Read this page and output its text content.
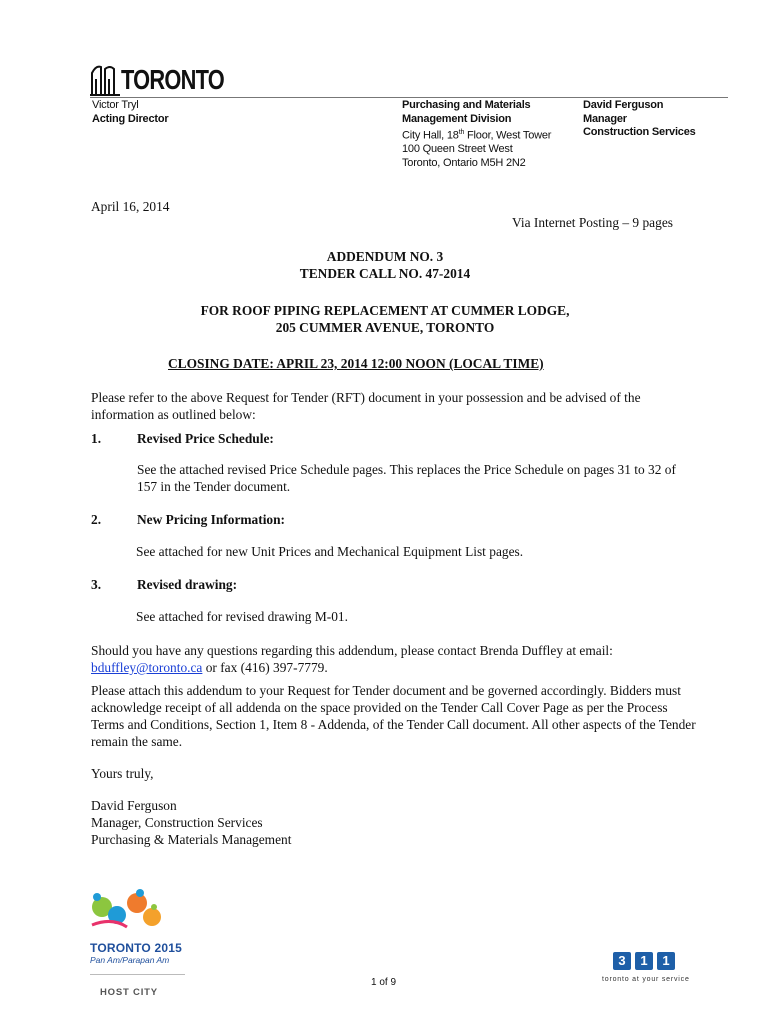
TORONTO
Victor Tryl
Acting Director
Purchasing and Materials
Management Division
City Hall, 18th Floor, West Tower
100 Queen Street West
Toronto, Ontario M5H 2N2
David Ferguson
Manager
Construction Services
April 16, 2014
Via Internet Posting – 9 pages
ADDENDUM NO. 3
TENDER CALL NO. 47-2014
FOR ROOF PIPING REPLACEMENT AT CUMMER LODGE,
205 CUMMER AVENUE, TORONTO
CLOSING DATE: APRIL 23, 2014 12:00 NOON (LOCAL TIME)
Please refer to the above Request for Tender (RFT) document in your possession and be advised of the information as outlined below:
1.	Revised Price Schedule:
See the attached revised Price Schedule pages. This replaces the Price Schedule on pages 31 to 32 of 157 in the Tender document.
2.	New Pricing Information:
See attached for new Unit Prices and Mechanical Equipment List pages.
3.	Revised drawing:
See attached for revised drawing M-01.
Should you have any questions regarding this addendum, please contact Brenda Duffley at email: bduffley@toronto.ca or fax (416) 397-7779.
Please attach this addendum to your Request for Tender document and be governed accordingly. Bidders must acknowledge receipt of all addenda on the space provided on the Tender Call Cover Page as per the Process Terms and Conditions, Section 1, Item 8 - Addenda, of the Tender Call document. All other aspects of the Tender remain the same.
Yours truly,
David Ferguson
Manager, Construction Services
Purchasing & Materials Management
TORONTO 2015
Pan Am/Parapan Am
HOST CITY
1 of 9
3 1 1
toronto at your service
